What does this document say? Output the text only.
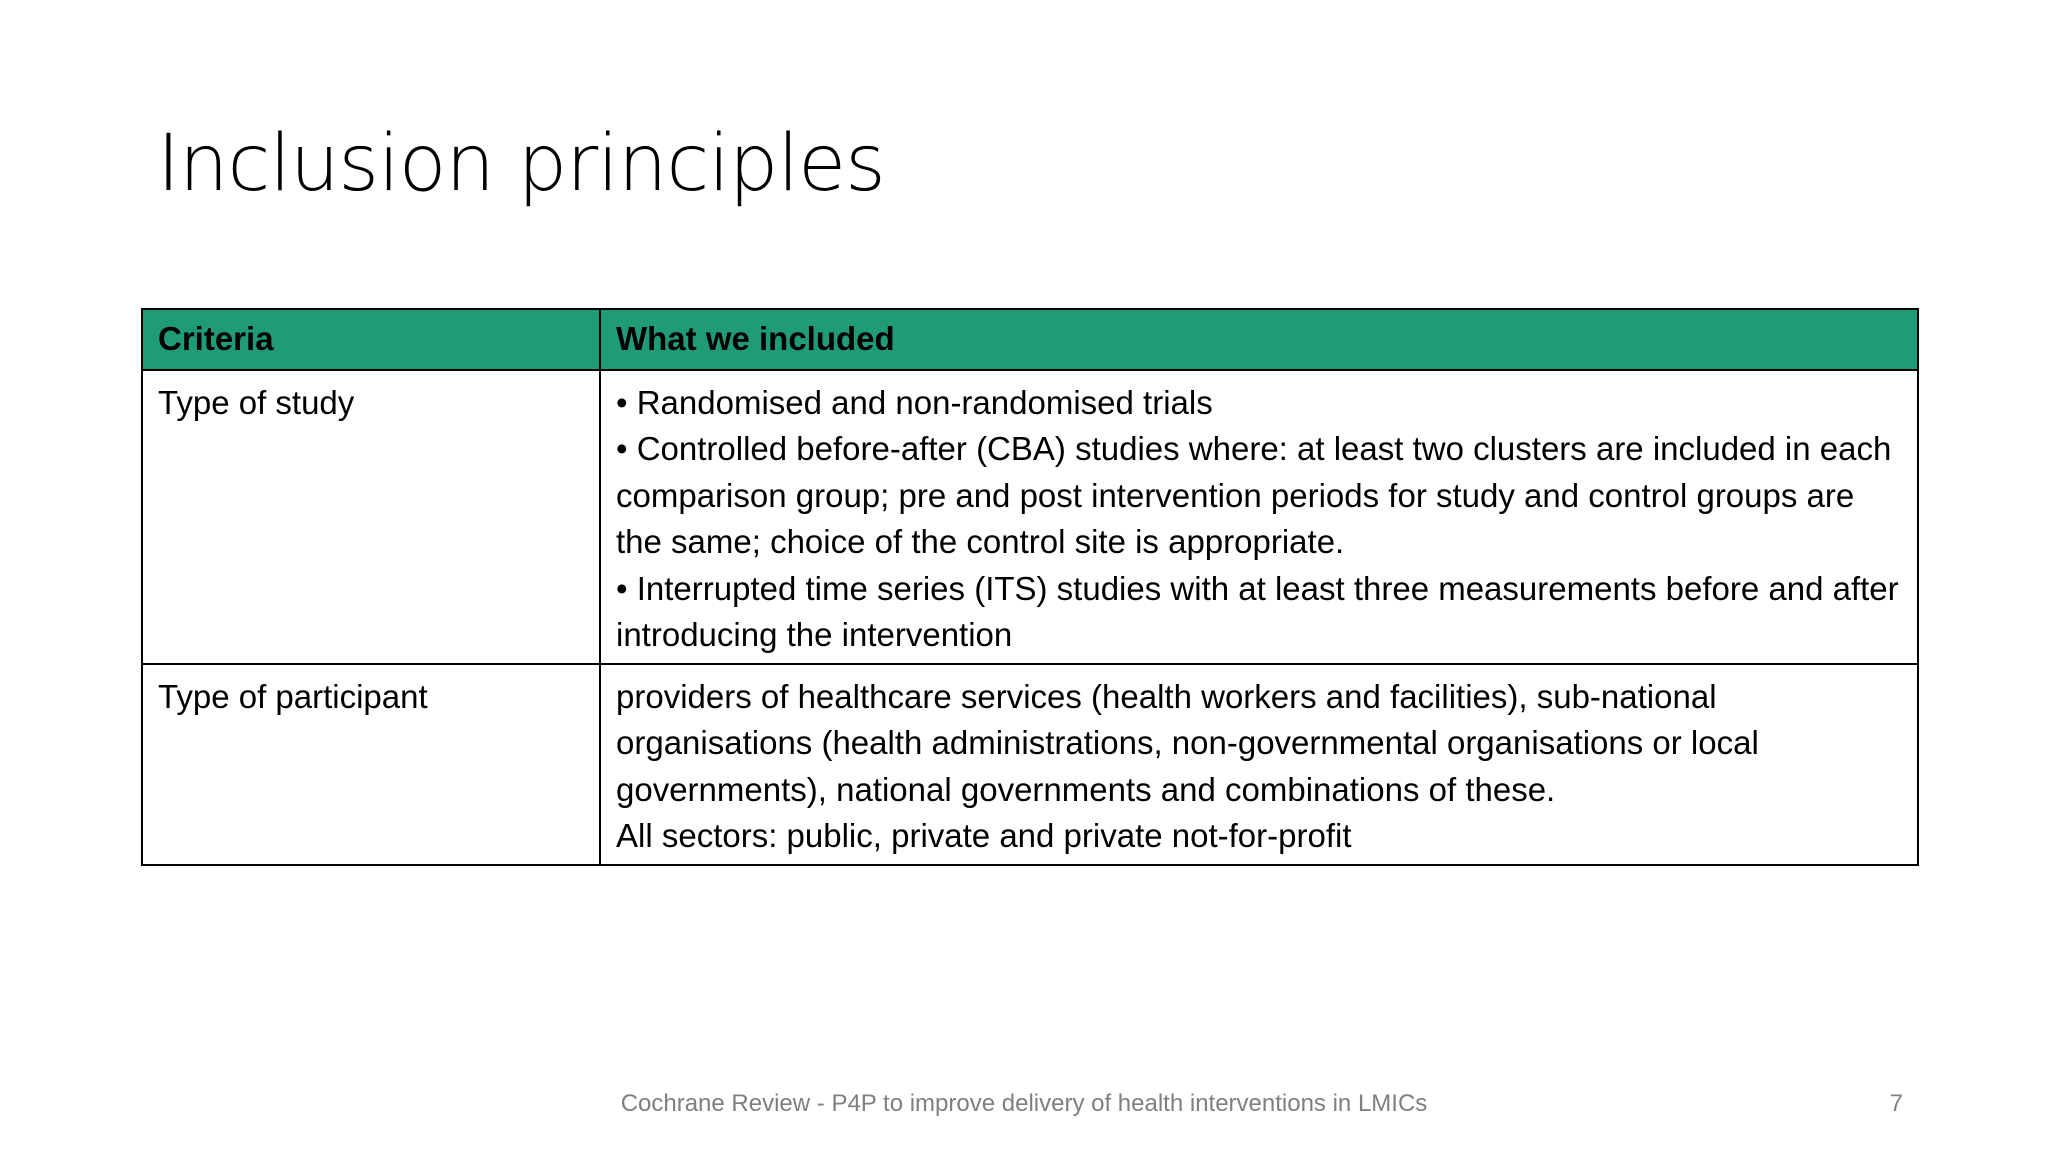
Inclusion principles
Criteria	What we included
Type of study	• Randomised and non-randomised trials
• Controlled before-after (CBA) studies where: at least two clusters are included in each comparison group; pre and post intervention periods for study and control groups are the same; choice of the control site is appropriate.
• Interrupted time series (ITS) studies with at least three measurements before and after introducing the intervention

Type of participant	providers of healthcare services (health workers and facilities), sub-national organisations (health administrations, non-governmental organisations or local governments), national governments and combinations of these.
All sectors: public, private and private not-for-profit
Cochrane Review - P4P to improve delivery of health interventions in LMICs	7
